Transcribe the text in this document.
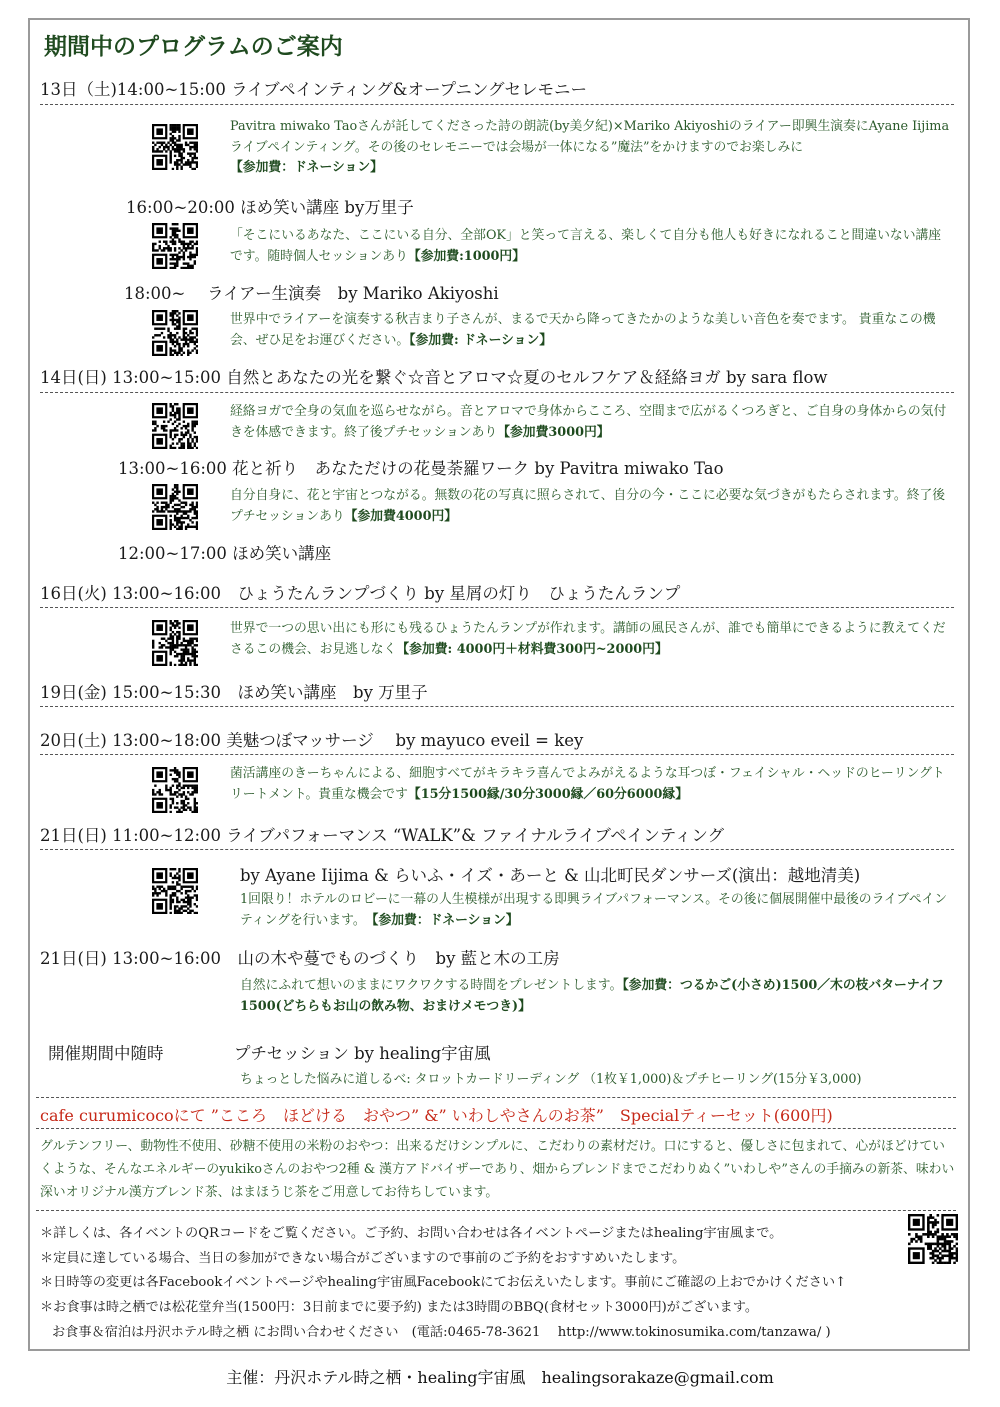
期間中のプログラムのご案内
13日（土)14:00~15:00 ライブペインティング&オープニングセレモニー
Pavitra miwako Taoさんが託してくださった詩の朗読(by美夕紀)×Mariko Akiyoshiのライアー即興生演奏にAyane Iijimaライブペインティング。その後のセレモニーでは会場が一体になる”魔法”をかけますのでお楽しみに【参加費：ドネーション】
16:00~20:00 ほめ笑い講座 by万里子
「そこにいるあなた、ここにいる自分、全部OK」と笑って言える、楽しくて自分も他人も好きになれること間違いない講座です。随時個人セッションあり【参加費:1000円】
18:00~　 ライアー生演奏　by Mariko Akiyoshi
世界中でライアーを演奏する秋吉まり子さんが、まるで天から降ってきたかのような美しい音色を奏でます。 貴重なこの機会、ぜひ足をお運びください。【参加費: ドネーション】
14日(日) 13:00~15:00 自然とあなたの光を繋ぐ☆音とアロマ☆夏のセルフケア＆経絡ヨガ by sara flow
経絡ヨガで全身の気血を巡らせながら。音とアロマで身体からこころ、空間まで広がるくつろぎと、ご自身の身体からの気付きを体感できます。終了後プチセッションあり【参加費3000円】
13:00~16:00 花と祈り　あなただけの花曼荼羅ワーク by Pavitra miwako Tao
自分自身に、花と宇宙とつながる。無数の花の写真に照らされて、自分の今・ここに必要な気づきがもたらされます。終了後プチセッションあり【参加費4000円】
12:00~17:00 ほめ笑い講座
16日(火) 13:00~16:00　ひょうたんランプづくり by 星屑の灯り　ひょうたんランプ
世界で一つの思い出にも形にも残るひょうたんランプが作れます。講師の風民さんが、誰でも簡単にできるように教えてくださるこの機会、お見逃しなく【参加費: 4000円＋材料費300円~2000円】
19日(金) 15:00~15:30　ほめ笑い講座　by 万里子
20日(土) 13:00~18:00 美魅つぼマッサージ　 by mayuco eveil = key
菌活講座のきーちゃんによる、細胞すべてがキラキラ喜んでよみがえるような耳つぼ・フェイシャル・ヘッドのヒーリングトリートメント。貴重な機会です【15分1500縁/30分3000縁／60分6000縁】
21日(日) 11:00~12:00 ライブパフォーマンス “WALK”& ファイナルライブペインティング
by Ayane Iijima & らいふ・イズ・あーと & 山北町民ダンサーズ(演出：越地清美)
1回限り！ホテルのロビーに一幕の人生模様が出現する即興ライブパフォーマンス。その後に個展開催中最後のライブペインティングを行います。　 【参加費：ドネーション】
21日(日) 13:00~16:00　山の木や蔓でものづくり　by 藍と木の工房
自然にふれて想いのままにワクワクする時間をプレゼントします。【参加費：つるかご(小さめ)1500／木の枝バターナイフ1500(どちらもお山の飲み物、おまけメモつき)】
開催期間中随時	プチセッション by healing宇宙風
ちょっとした悩みに道しるべ: タロットカードリーディング （1枚￥1,000)＆プチヒーリング(15分￥3,000)
cafe curumicocoにて ”こころ　ほどける　おやつ” &” いわしやさんのお茶”　Specialティーセット(600円)
グルテンフリー、動物性不使用、砂糖不使用の米粉のおやつ：出来るだけシンプルに、こだわりの素材だけ。口にすると、優しさに包まれて、心がほどけていくような、そんなエネルギーのyukikoさんのおやつ2種 & 漢方アドバイザーであり、畑からブレンドまでこだわりぬく”いわしや”さんの手摘みの新茶、味わい深いオリジナル漢方ブレンド茶、はまほうじ茶をご用意してお待ちしています。
＊詳しくは、各イベントのQRコードをご覧ください。ご予約、お問い合わせは各イベントページまたはhealing宇宙風まで。
＊定員に達している場合、当日の参加ができない場合がございますので事前のご予約をおすすめいたします。
＊日時等の変更は各Facebookイベントページやhealing宇宙風Facebookにてお伝えいたします。事前にご確認の上おでかけください↑
＊お食事は時之栖では松花堂弁当(1500円：3日前までに要予約) または3時間のBBQ(食材セット3000円)がございます。
お食事＆宿泊は丹沢ホテル時之栖 にお問い合わせください　(電話:0465-78-3621　 http://www.tokinosumika.com/tanzawa/ )
主催：丹沢ホテル時之栖・healing宇宙風　healingsorakaze@gmail.com
